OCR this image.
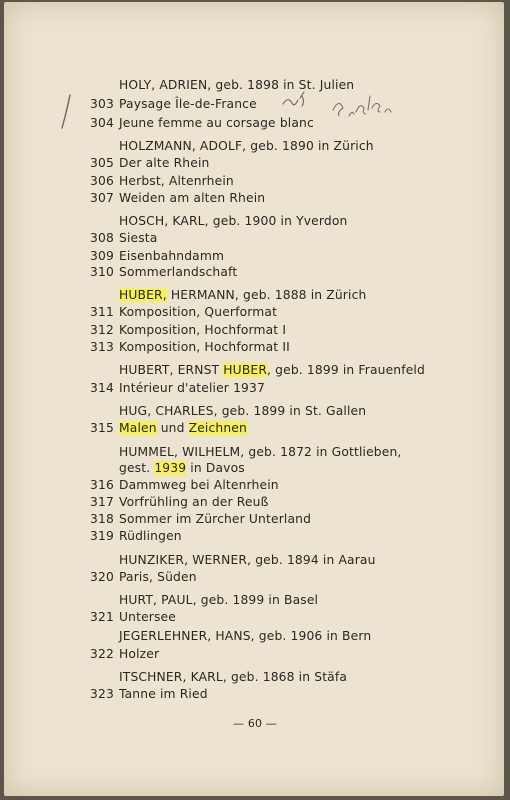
HOLY, ADRIEN, geb. 1898 in St. Julien
303 Paysage Île-de-France
304 Jeune femme au corsage blanc
HOLZMANN, ADOLF, geb. 1890 in Zürich
305 Der alte Rhein
306 Herbst, Altenrhein
307 Weiden am alten Rhein
HOSCH, KARL, geb. 1900 in Yverdon
308 Siesta
309 Eisenbahndamm
310 Sommerlandschaft
HUBER, HERMANN, geb. 1888 in Zürich
311 Komposition, Querformat
312 Komposition, Hochformat I
313 Komposition, Hochformat II
HUBERT, ERNST HUBER, geb. 1899 in Frauenfeld
314 Intérieur d'atelier 1937
HUG, CHARLES, geb. 1899 in St. Gallen
315 Malen und Zeichnen
HUMMEL, WILHELM, geb. 1872 in Gottlieben,
gest. 1939 in Davos
316 Dammweg bei Altenrhein
317 Vorfrühling an der Reuß
318 Sommer im Zürcher Unterland
319 Rüdlingen
HUNZIKER, WERNER, geb. 1894 in Aarau
320 Paris, Süden
HURT, PAUL, geb. 1899 in Basel
321 Untersee
JEGERLEHNER, HANS, geb. 1906 in Bern
322 Holzer
ITSCHNER, KARL, geb. 1868 in Stäfa
323 Tanne im Ried
— 60 —
